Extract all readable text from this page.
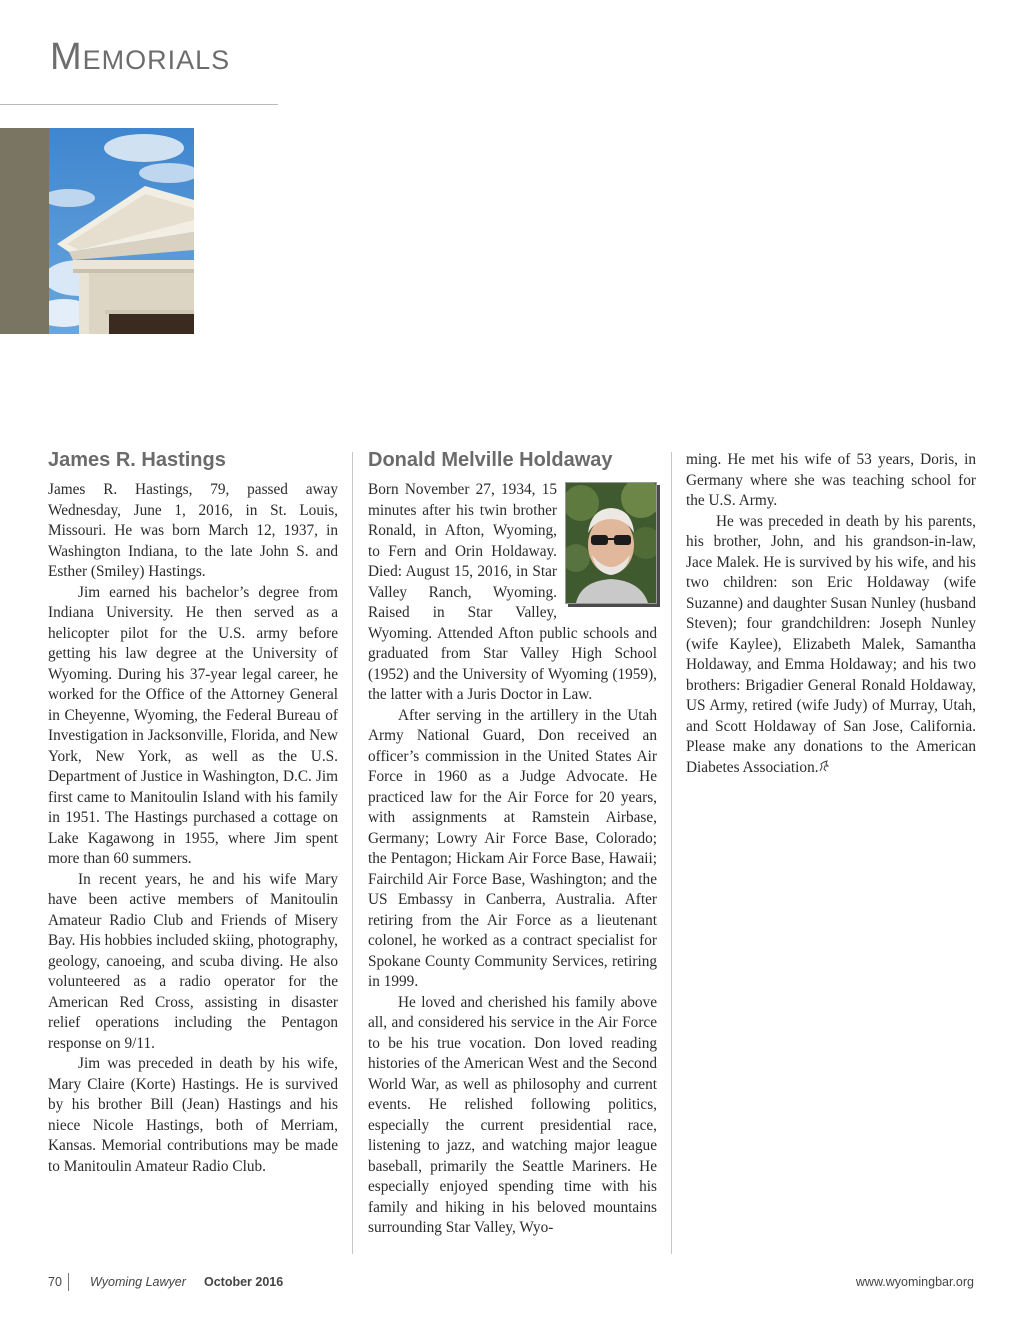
Memorials
James R. Hastings

James R. Hastings, 79, passed away Wednesday, June 1, 2016, in St. Louis, Missouri. He was born March 12, 1937, in Washington Indiana, to the late John S. and Esther (Smiley) Hastings.

Jim earned his bachelor’s degree from Indiana University. He then served as a helicopter pilot for the U.S. army before getting his law degree at the University of Wyoming. During his 37-year legal career, he worked for the Office of the Attorney General in Cheyenne, Wyoming, the Federal Bureau of Investigation in Jacksonville, Florida, and New York, New York, as well as the U.S. Department of Justice in Washington, D.C. Jim first came to Manitoulin Island with his family in 1951. The Hastings purchased a cottage on Lake Kagawong in 1955, where Jim spent more than 60 summers.

In recent years, he and his wife Mary have been active members of Manitoulin Amateur Radio Club and Friends of Misery Bay. His hobbies included skiing, photography, geology, canoeing, and scuba diving. He also volunteered as a radio operator for the American Red Cross, assisting in disaster relief operations including the Pentagon response on 9/11.

Jim was preceded in death by his wife, Mary Claire (Korte) Hastings. He is survived by his brother Bill (Jean) Hastings and his niece Nicole Hastings, both of Merriam, Kansas. Memorial contributions may be made to Manitoulin Amateur Radio Club.

Donald Melville Holdaway

Born November 27, 1934, 15 minutes after his twin brother Ronald, in Afton, Wyoming, to Fern and Orin Holdaway. Died: August 15, 2016, in Star Valley Ranch, Wyoming. Raised in Star Valley, Wyoming. Attended Afton public schools and graduated from Star Valley High School (1952) and the University of Wyoming (1959), the latter with a Juris Doctor in Law.

After serving in the artillery in the Utah Army National Guard, Don received an officer’s commission in the United States Air Force in 1960 as a Judge Advocate. He practiced law for the Air Force for 20 years, with assignments at Ramstein Airbase, Germany; Lowry Air Force Base, Colorado; the Pentagon; Hickam Air Force Base, Hawaii; Fairchild Air Force Base, Washington; and the US Embassy in Canberra, Australia. After retiring from the Air Force as a lieutenant colonel, he worked as a contract specialist for Spokane County Community Services, retiring in 1999.

He loved and cherished his family above all, and considered his service in the Air Force to be his true vocation. Don loved reading histories of the American West and the Second World War, as well as philosophy and current events. He relished following politics, especially the current presidential race, listening to jazz, and watching major league baseball, primarily the Seattle Mariners. He especially enjoyed spending time with his family and hiking in his beloved mountains surrounding Star Valley, Wyo-

ming. He met his wife of 53 years, Doris, in Germany where she was teaching school for the U.S. Army.

He was preceded in death by his parents, his brother, John, and his grandson-in-law, Jace Malek. He is survived by his wife, and his two children: son Eric Holdaway (wife Suzanne) and daughter Susan Nunley (husband Steven); four grandchildren: Joseph Nunley (wife Kaylee), Elizabeth Malek, Samantha Holdaway, and Emma Holdaway; and his two brothers: Brigadier General Ronald Holdaway, US Army, retired (wife Judy) of Murray, Utah, and Scott Holdaway of San Jose, California. Please make any donations to the American Diabetes Association.

70 Wyoming Lawyer October 2016	www.wyomingbar.org
